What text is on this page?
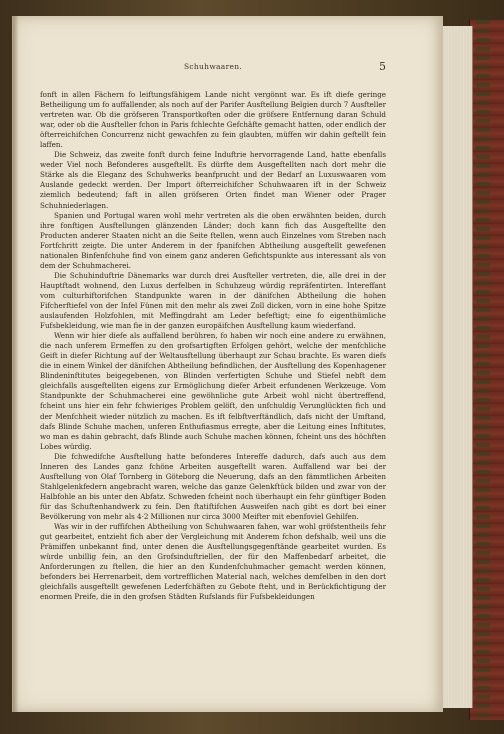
Schuhwaaren.	5

fonft in allen Fächern fo leiftungsfähigem Lande nicht vergönnt war. Es ift diefe geringe Betheiligung um fo auffallender, als noch auf der Parifer Ausftellung Belgien durch 7 Ausfteller vertreten war. Ob die gröfseren Transportkoften oder die gröfsere Entfernung daran Schuld war, oder ob die Ausfteller fchon in Paris fchlechte Gefchäfte gemacht hatten, oder endlich der öfterreichifchen Concurrenz nicht gewachfen zu fein glaubten, müffen wir dahin geftellt fein laffen.

Die Schweiz, das zweite fonft durch feine Induftrie hervorragende Land, hatte ebenfalls weder Viel noch Befonderes ausgeftellt. Es dürfte dem Ausgeftellten nach dort mehr die Stärke als die Eleganz des Schuhwerks beanfprucht und der Bedarf an Luxuswaaren vom Auslande gedeckt werden. Der Import öfterreichifcher Schuhwaaren ift in der Schweiz ziemlich bedeutend; faft in allen gröfseren Orten findet man Wiener oder Prager Schuhniederlagen.

Spanien und Portugal waren wohl mehr vertreten als die oben erwähnten beiden, durch ihre fonftigen Ausftellungen glänzenden Länder; doch kann fich das Ausgeftellte den Producten anderer Staaten nicht an die Seite ftellen, wenn auch Einzelnes vom Streben nach Fortfchritt zeigte. Die unter Anderem in der fpanifchen Abtheilung ausgeftellt gewefenen nationalen Binfenfchuhe find von einem ganz anderen Gefichtspunkte aus interessant als von dem der Schuhmacherei.

Die Schuhinduftrie Dänemarks war durch drei Ausfteller vertreten, die, alle drei in der Hauptftadt wohnend, den Luxus derfelben in Schuhzeug würdig repräfentirten. Intereffant vom culturhiftorifchen Standpunkte waren in der dänifchen Abtheilung die hohen Fifcherftiefel von der Infel Fünen mit den mehr als zwei Zoll dicken, vorn in eine hohe Spitze auslaufenden Holzfohlen, mit Meffingdraht am Leder befeftigt; eine fo eigenthümliche Fufsbekleidung, wie man fie in der ganzen europäifchen Ausftellung kaum wiederfand.

Wenn wir hier diefe als auffallend berühren, fo haben wir noch eine andere zu erwähnen, die nach unferem Ermeffen zu den grofsartigften Erfolgen gehört, welche der menfchliche Geift in diefer Richtung auf der Weltausftellung überhaupt zur Schau brachte. Es waren diefs die in einem Winkel der dänifchen Abtheilung befindlichen, der Ausftellung des Kopenhagener Blindeninftitutes beigegebenen, von Blinden verfertigten Schuhe und Stiefel nebft dem gleichfalls ausgeftellten eigens zur Ermöglichung diefer Arbeit erfundenen Werkzeuge. Vom Standpunkte der Schuhmacherei eine gewöhnliche gute Arbeit wohl nicht übertreffend, fcheint uns hier ein fehr fchwieriges Problem gelöft, den unfchuldig Verunglückten fich und der Menfchheit wieder nützlich zu machen. Es ift felbftverftändlich, dafs nicht der Umftand, dafs Blinde Schuhe machen, unferen Enthufiasmus erregte, aber die Leitung eines Inftitutes, wo man es dahin gebracht, dafs Blinde auch Schuhe machen können, fcheint uns des höchften Lobes würdig.

Die fchwedifche Ausftellung hatte befonderes Intereffe dadurch, dafs auch aus dem Inneren des Landes ganz fchöne Arbeiten ausgeftellt waren. Auffallend war bei der Ausftellung von Olaf Tornberg in Göteborg die Neuerung, dafs an den fämmtlichen Arbeiten Stahlgelenkfedern angebracht waren, welche das ganze Gelenkftück bilden und zwar von der Halbfohle an bis unter den Abfatz. Schweden fcheint noch überhaupt ein fehr günftiger Boden für das Schuftenhandwerk zu fein. Den ftatiftifchen Ausweifen nach gibt es dort bei einer Bevölkerung von mehr als 4·2 Millionen nur circa 3000 Meifter mit ebenfoviel Gehilfen.

Was wir in der ruffifchen Abtheilung von Schuhwaaren fahen, war wohl gröfstentheils fehr gut gearbeitet, entzieht fich aber der Vergleichung mit Anderem fchon defshalb, weil uns die Prämiffen unbekannt find, unter denen die Ausftellungsgegenftände gearbeitet wurden. Es würde unbillig fein, an den Grofsinduftriellen, der für den Maffenbedarf arbeitet, die Anforderungen zu ftellen, die hier an den Kundenfchuhmacher gemacht werden können, befonders bei Herrenarbeit, dem vortrefflichen Material nach, welches demfelben in den dort gleichfalls ausgeftellt gewefenen Lederfchäften zu Gebote fteht, und in Berückfichtigung der enormen Preife, die in den grofsen Städten Rufslands für Fufsbekleidungen
